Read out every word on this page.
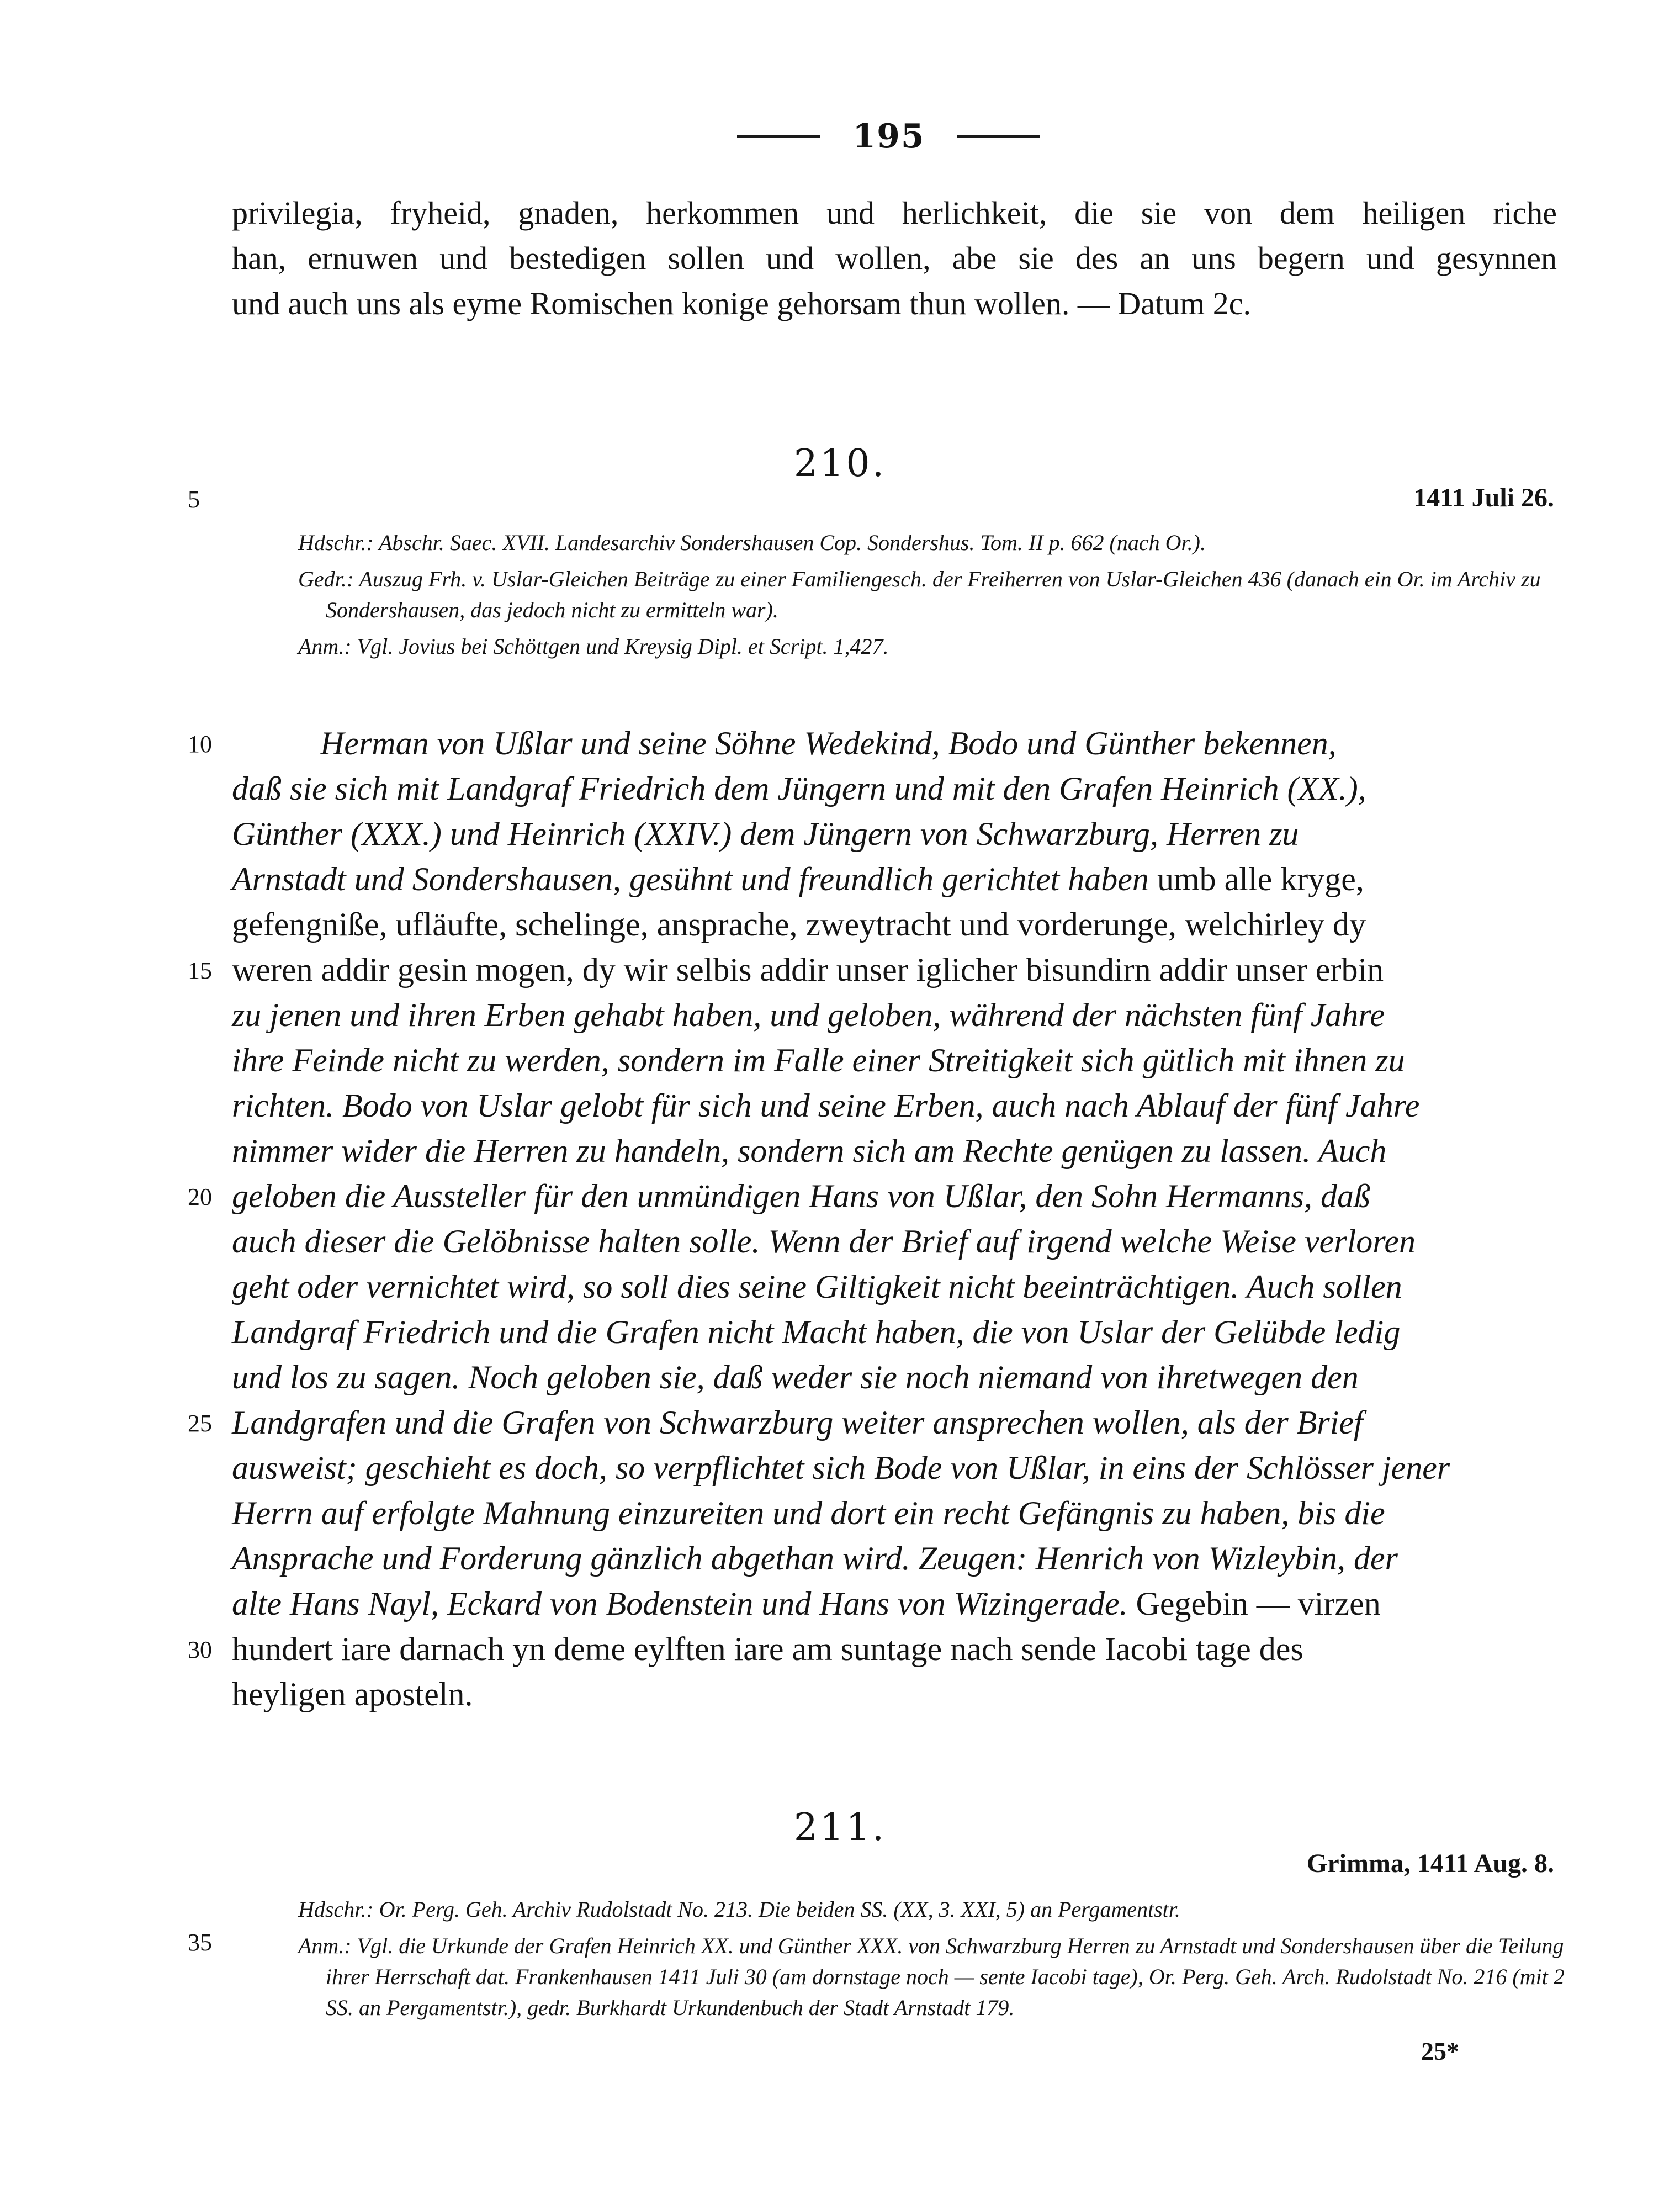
195
privilegia, fryheid, gnaden, herkommen und herlichkeit, die sie von dem heiligen riche
han, ernuwen und bestedigen sollen und wollen, abe sie des an uns begern und gesynnen
und auch uns als eyme Romischen konige gehorsam thun wollen. — Datum 2c.
210.
1411 Juli 26.
Hdschr.: Abschr. Saec. XVII. Landesarchiv Sondershausen Cop. Sondershus. Tom. II p. 662 (nach Or.).
Gedr.: Auszug Frh. v. Uslar-Gleichen Beiträge zu einer Familiengesch. der Freiherren von Uslar-Gleichen 436 (danach ein Or. im Archiv zu Sondershausen, das jedoch nicht zu ermitteln war).
Anm.: Vgl. Jovius bei Schöttgen und Kreysig Dipl. et Script. 1,427.
Herman von Ußlar und seine Söhne Wedekind, Bodo und Günther bekennen,
daß sie sich mit Landgraf Friedrich dem Jüngern und mit den Grafen Heinrich (XX.),
Günther (XXX.) und Heinrich (XXIV.) dem Jüngern von Schwarzburg, Herren zu
Arnstadt und Sondershausen, gesühnt und freundlich gerichtet haben umb alle kryge,
gefengniße, ufläufte, schelinge, ansprache, zweytracht und vorderunge, welchirley dy
weren addir gesin mogen, dy wir selbis addir unser iglicher bisundirn addir unser erbin
zu jenen und ihren Erben gehabt haben, und geloben, während der nächsten fünf Jahre
ihre Feinde nicht zu werden, sondern im Falle einer Streitigkeit sich gütlich mit ihnen zu
richten. Bodo von Uslar gelobt für sich und seine Erben, auch nach Ablauf der fünf Jahre
nimmer wider die Herren zu handeln, sondern sich am Rechte genügen zu lassen. Auch
geloben die Aussteller für den unmündigen Hans von Ußlar, den Sohn Hermanns, daß
auch dieser die Gelöbnisse halten solle. Wenn der Brief auf irgend welche Weise verloren
geht oder vernichtet wird, so soll dies seine Giltigkeit nicht beeinträchtigen. Auch sollen
Landgraf Friedrich und die Grafen nicht Macht haben, die von Uslar der Gelübde ledig
und los zu sagen. Noch geloben sie, daß weder sie noch niemand von ihretwegen den
Landgrafen und die Grafen von Schwarzburg weiter ansprechen wollen, als der Brief
ausweist; geschieht es doch, so verpflichtet sich Bode von Ußlar, in eins der Schlösser jener
Herrn auf erfolgte Mahnung einzureiten und dort ein recht Gefängnis zu haben, bis die
Ansprache und Forderung gänzlich abgethan wird. Zeugen: Henrich von Wizleybin, der
alte Hans Nayl, Eckard von Bodenstein und Hans von Wizingerade. Gegebin — virzen
hundert iare darnach yn deme eylften iare am suntage nach sende Iacobi tage des
heyligen aposteln.
211.
Grimma, 1411 Aug. 8.
Hdschr.: Or. Perg. Geh. Archiv Rudolstadt No. 213. Die beiden SS. (XX, 3. XXI, 5) an Pergamentstr.
Anm.: Vgl. die Urkunde der Grafen Heinrich XX. und Günther XXX. von Schwarzburg Herren zu Arnstadt und Sondershausen über die Teilung ihrer Herrschaft dat. Frankenhausen 1411 Juli 30 (am dornstage noch — sente Iacobi tage), Or. Perg. Geh. Arch. Rudolstadt No. 216 (mit 2 SS. an Pergamentstr.), gedr. Burkhardt Urkundenbuch der Stadt Arnstadt 179.
5
10
15
20
25
30
35
25*
